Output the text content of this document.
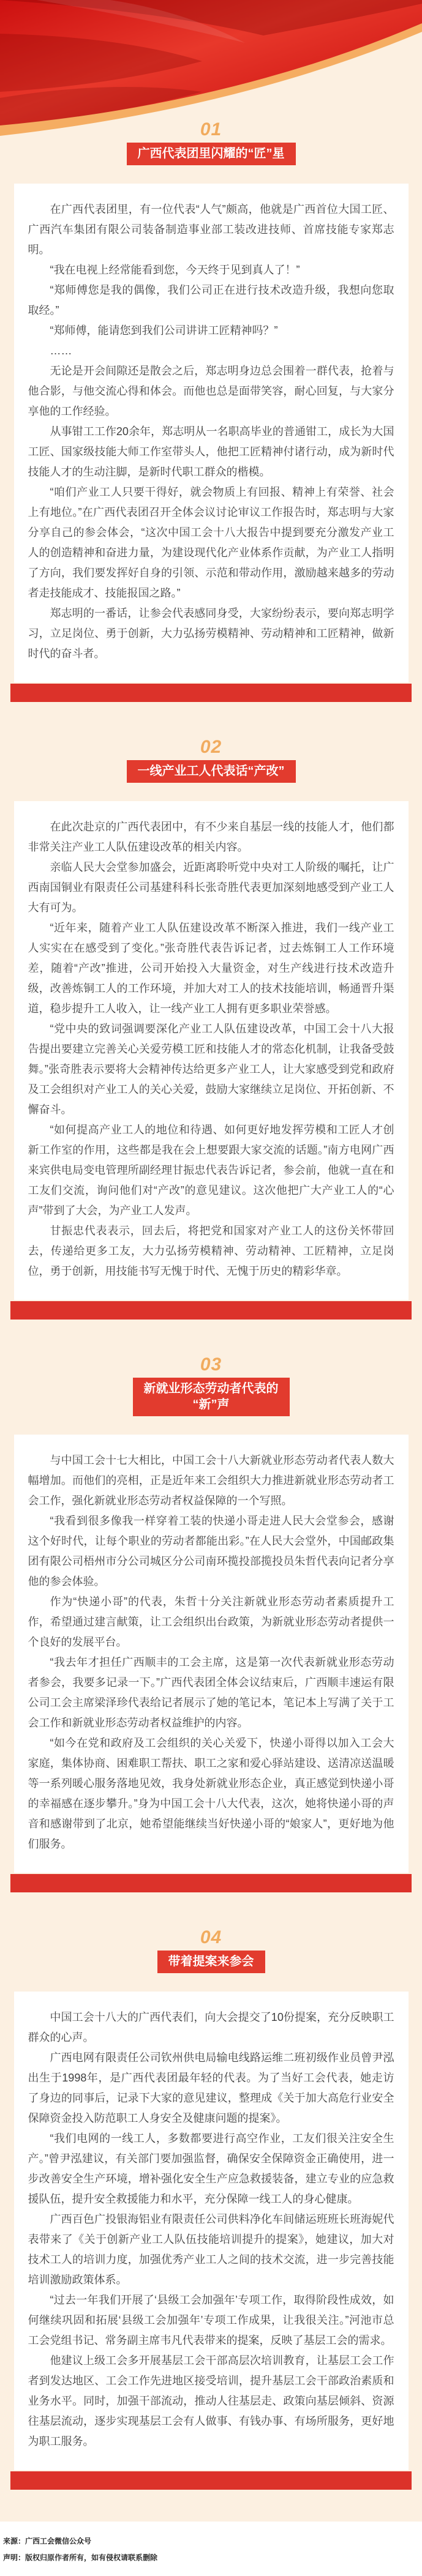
01
广西代表团里闪耀的“匠”星

在广西代表团里，有一位代表“人气”颇高，他就是广西首位大国工匠、广西汽车集团有限公司装备制造事业部工装改进技师、首席技能专家郑志明。

“我在电视上经常能看到您，今天终于见到真人了！”

“郑师傅您是我的偶像，我们公司正在进行技术改造升级，我想向您取取经。”

“郑师傅，能请您到我们公司讲讲工匠精神吗？”

……

无论是开会间隙还是散会之后，郑志明身边总会围着一群代表，抢着与他合影，与他交流心得和体会。而他也总是面带笑容，耐心回复，与大家分享他的工作经验。

从事钳工工作20余年，郑志明从一名职高毕业的普通钳工，成长为大国工匠、国家级技能大师工作室带头人，他把工匠精神付诸行动，成为新时代技能人才的生动注脚，是新时代职工群众的楷模。

“咱们产业工人只要干得好，就会物质上有回报、精神上有荣誉、社会上有地位。”在广西代表团召开全体会议讨论审议工作报告时，郑志明与大家分享自己的参会体会，“这次中国工会十八大报告中提到要充分激发产业工人的创造精神和奋进力量，为建设现代化产业体系作贡献，为产业工人指明了方向，我们要发挥好自身的引领、示范和带动作用，激励越来越多的劳动者走技能成才、技能报国之路。”

郑志明的一番话，让参会代表感同身受，大家纷纷表示，要向郑志明学习，立足岗位、勇于创新，大力弘扬劳模精神、劳动精神和工匠精神，做新时代的奋斗者。

02
一线产业工人代表话“产改”

在此次赴京的广西代表团中，有不少来自基层一线的技能人才，他们都非常关注产业工人队伍建设改革的相关内容。

亲临人民大会堂参加盛会，近距离聆听党中央对工人阶级的嘱托，让广西南国铜业有限责任公司基建科科长张奇胜代表更加深刻地感受到产业工人大有可为。

“近年来，随着产业工人队伍建设改革不断深入推进，我们一线产业工人实实在在感受到了变化。”张奇胜代表告诉记者，过去炼铜工人工作环境差，随着“产改”推进，公司开始投入大量资金，对生产线进行技术改造升级，改善炼铜工人的工作环境，并加大对工人的技术技能培训，畅通晋升渠道，稳步提升工人收入，让一线产业工人拥有更多职业荣誉感。

“党中央的致词强调要深化产业工人队伍建设改革，中国工会十八大报告提出要建立完善关心关爱劳模工匠和技能人才的常态化机制，让我备受鼓舞。”张奇胜表示要将大会精神传达给更多产业工人，让大家感受到党和政府及工会组织对产业工人的关心关爱，鼓励大家继续立足岗位、开拓创新、不懈奋斗。

“如何提高产业工人的地位和待遇、如何更好地发挥劳模和工匠人才创新工作室的作用，这些都是我在会上想要跟大家交流的话题。”南方电网广西来宾供电局变电管理所副经理甘振忠代表告诉记者，参会前，他就一直在和工友们交流，询问他们对“产改”的意见建议。这次他把广大产业工人的“心声”带到了大会，为产业工人发声。

甘振忠代表表示，回去后，将把党和国家对产业工人的这份关怀带回去，传递给更多工友，大力弘扬劳模精神、劳动精神、工匠精神，立足岗位，勇于创新，用技能书写无愧于时代、无愧于历史的精彩华章。

03
新就业形态劳动者代表的
“新”声

与中国工会十七大相比，中国工会十八大新就业形态劳动者代表人数大幅增加。而他们的亮相，正是近年来工会组织大力推进新就业形态劳动者工会工作，强化新就业形态劳动者权益保障的一个写照。

“我看到很多像我一样穿着工装的快递小哥走进人民大会堂参会，感谢这个好时代，让每个职业的劳动者都能出彩。”在人民大会堂外，中国邮政集团有限公司梧州市分公司城区分公司南环揽投部揽投员朱哲代表向记者分享他的参会体验。

作为“快递小哥”的代表，朱哲十分关注新就业形态劳动者素质提升工作，希望通过建言献策，让工会组织出台政策，为新就业形态劳动者提供一个良好的发展平台。

“我去年才担任广西顺丰的工会主席，这是第一次代表新就业形态劳动者参会，我要多记录一下。”广西代表团全体会议结束后，广西顺丰速运有限公司工会主席梁泽珍代表给记者展示了她的笔记本，笔记本上写满了关于工会工作和新就业形态劳动者权益维护的内容。

“如今在党和政府及工会组织的关心关爱下，快递小哥得以加入工会大家庭，集体协商、困难职工帮扶、职工之家和爱心驿站建设、送清凉送温暖等一系列暖心服务落地见效，我身处新就业形态企业，真正感觉到快递小哥的幸福感在逐步攀升。”身为中国工会十八大代表，这次，她将快递小哥的声音和感谢带到了北京，她希望能继续当好快递小哥的“娘家人”，更好地为他们服务。

04
带着提案来参会

中国工会十八大的广西代表们，向大会提交了10份提案，充分反映职工群众的心声。

广西电网有限责任公司钦州供电局输电线路运维二班初级作业员曾尹泓出生于1998年，是广西代表团最年轻的代表。为了当好工会代表，她走访了身边的同事后，记录下大家的意见建议，整理成《关于加大高危行业安全保障资金投入防范职工人身安全及健康问题的提案》。

“我们电网的一线工人，多数都要进行高空作业，工友们很关注安全生产。”曾尹泓建议，有关部门要加强监督，确保安全保障资金正确使用，进一步改善安全生产环境，增补强化安全生产应急救援装备，建立专业的应急救援队伍，提升安全救援能力和水平，充分保障一线工人的身心健康。

广西百色广投银海铝业有限责任公司供料净化车间储运班班长班海妮代表带来了《关于创新产业工人队伍技能培训提升的提案》，她建议，加大对技术工人的培训力度，加强优秀产业工人之间的技术交流，进一步完善技能培训激励政策体系。

“过去一年我们开展了‘县级工会加强年’专项工作，取得阶段性成效，如何继续巩固和拓展‘县级工会加强年’专项工作成果，让我很关注。”河池市总工会党组书记、常务副主席韦凡代表带来的提案，反映了基层工会的需求。

他建议上级工会多开展基层工会干部高层次培训教育，让基层工会工作者到发达地区、工会工作先进地区接受培训，提升基层工会干部政治素质和业务水平。同时，加强干部流动，推动人往基层走、政策向基层倾斜、资源往基层流动，逐步实现基层工会有人做事、有钱办事、有场所服务，更好地为职工服务。

来源：广西工会微信公众号

声明：版权归原作者所有，如有侵权请联系删除
